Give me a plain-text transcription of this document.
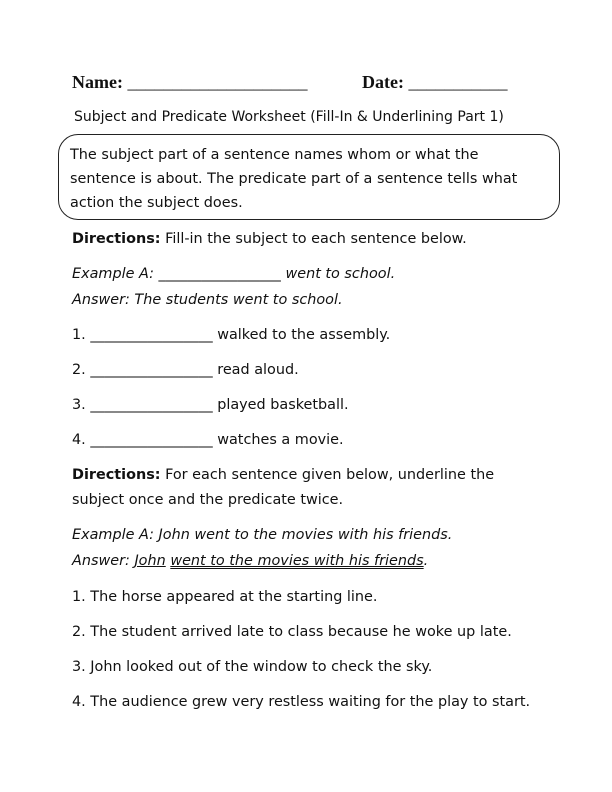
Name: ____________________	Date: ___________
Subject and Predicate Worksheet (Fill-In & Underlining Part 1)

The subject part of a sentence names whom or what the

sentence is about. The predicate part of a sentence tells what

action the subject does.

Directions: Fill-in the subject to each sentence below.
Example A: _________________ went to school.
Answer: The students went to school.
1. _________________ walked to the assembly.
2. _________________ read aloud.
3. _________________ played basketball.
4. _________________ watches a movie.
Directions: For each sentence given below, underline the
subject once and the predicate twice.
Example A: John went to the movies with his friends.
Answer: John went to the movies with his friends.
1. The horse appeared at the starting line.
2. The student arrived late to class because he woke up late.
3. John looked out of the window to check the sky.
4. The audience grew very restless waiting for the play to start.
